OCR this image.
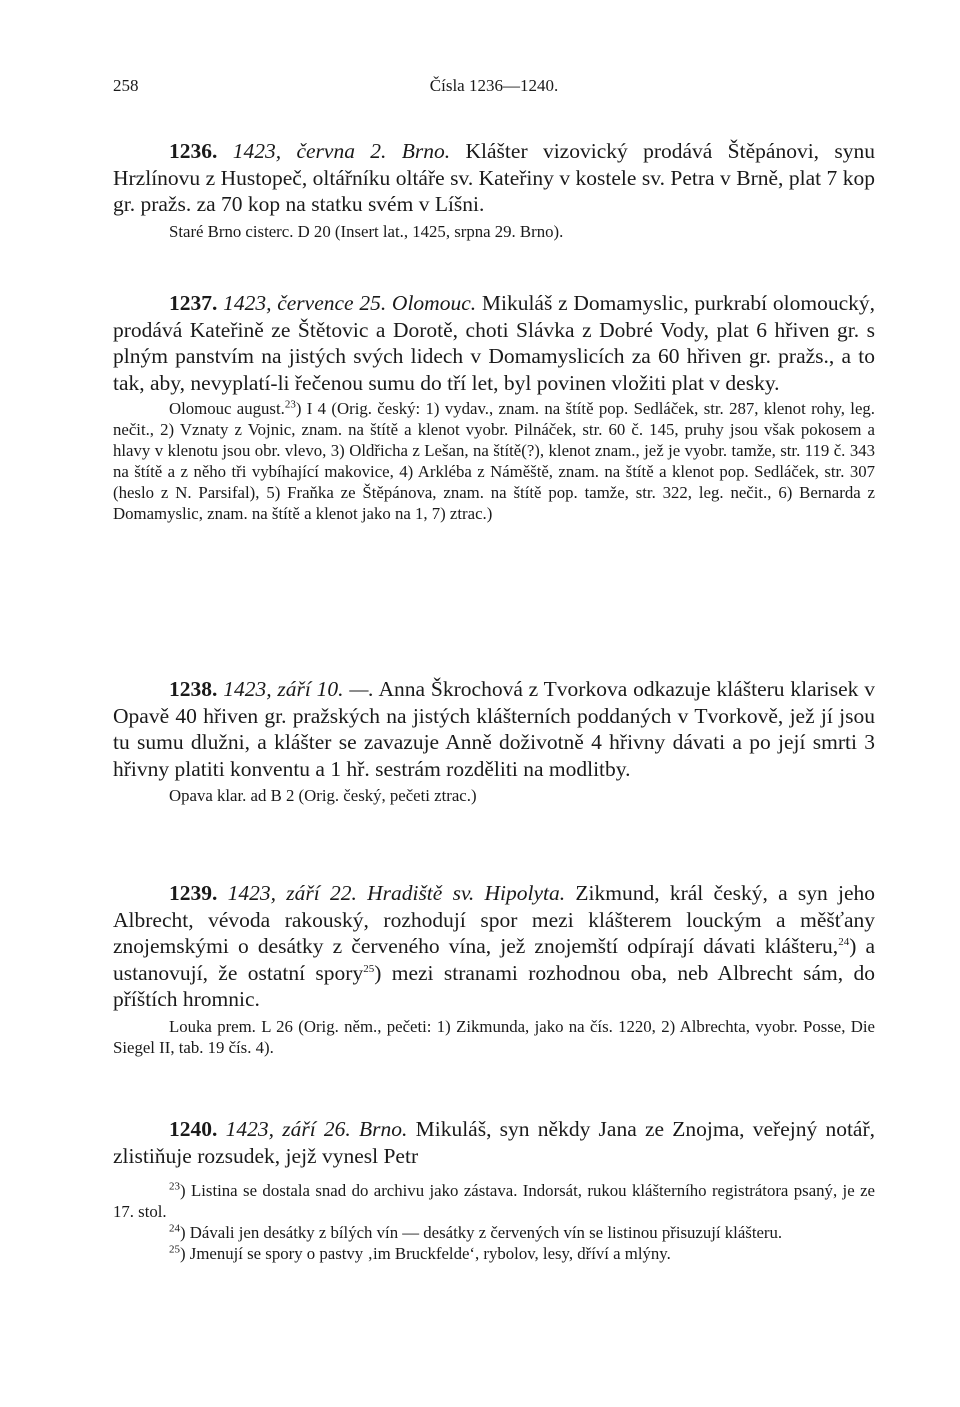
258	Čísla 1236—1240.

1236. 1423, června 2. Brno. Klášter vizovický prodává Štěpánovi, synu Hrzlínovu z Hustopeč, oltářníku oltáře sv. Kateřiny v kostele sv. Petra v Brně, plat 7 kop gr. pražs. za 70 kop na statku svém v Líšni.

Staré Brno cisterc. D 20 (Insert lat., 1425, srpna 29. Brno).

1237. 1423, července 25. Olomouc. Mikuláš z Domamyslic, purkrabí olomoucký, prodává Kateřině ze Štětovic a Dorotě, choti Slávka z Dobré Vody, plat 6 hřiven gr. s plným panstvím na jistých svých lidech v Domamyslicích za 60 hřiven gr. pražs., a to tak, aby, nevyplatí-li řečenou sumu do tří let, byl povinen vložiti plat v desky.

Olomouc august.$^{23}$) I 4 (Orig. český: 1) vydav., znam. na štítě pop. Sedláček, str. 287, klenot rohy, leg. nečit., 2) Vznaty z Vojnic, znam. na štítě a klenot vyobr. Pilnáček, str. 60 č. 145, pruhy jsou však pokosem a hlavy v klenotu jsou obr. vlevo, 3) Oldřicha z Lešan, na štítě(?), klenot znam., jež je vyobr. tamže, str. 119 č. 343 na štítě a z něho tři vybíhající makovice, 4) Arkléba z Náměště, znam. na štítě a klenot pop. Sedláček, str. 307 (heslo z N. Parsifal), 5) Fraňka ze Štěpánova, znam. na štítě pop. tamže, str. 322, leg. nečit., 6) Bernarda z Domamyslic, znam. na štítě a klenot jako na 1, 7) ztrac.)

1238. 1423, září 10. —. Anna Škrochová z Tvorkova odkazuje klášteru klarisek v Opavě 40 hřiven gr. pražských na jistých klášterních poddaných v Tvorkově, jež jí jsou tu sumu dlužni, a klášter se zavazuje Anně doživotně 4 hřivny dávati a po její smrti 3 hřivny platiti konventu a 1 hř. sestrám rozděliti na modlitby.

Opava klar. ad B 2 (Orig. český, pečeti ztrac.)

1239. 1423, září 22. Hradiště sv. Hipolyta. Zikmund, král český, a syn jeho Albrecht, vévoda rakouský, rozhodují spor mezi klášterem louckým a měšťany znojemskými o desátky z červeného vína, jež znojemští odpírají dávati klášteru,$^{24}$) a ustanovují, že ostatní spory$^{25}$) mezi stranami rozhodnou oba, neb Albrecht sám, do příštích hromnic.

Louka prem. L 26 (Orig. něm., pečeti: 1) Zikmunda, jako na čís. 1220, 2) Albrechta, vyobr. Posse, Die Siegel II, tab. 19 čís. 4).

1240. 1423, září 26. Brno. Mikuláš, syn někdy Jana ze Znojma, veřejný notář, zlistiňuje rozsudek, jejž vynesl Petr

$^{23}$) Listina se dostala snad do archivu jako zástava. Indorsát, rukou klášterního registrátora psaný, je ze 17. stol.

$^{24}$) Dávali jen desátky z bílých vín — desátky z červených vín se listinou přisuzují klášteru.

$^{25}$) Jmenují se spory o pastvy ‚im Bruckfelde‘, rybolov, lesy, dříví a mlýny.
